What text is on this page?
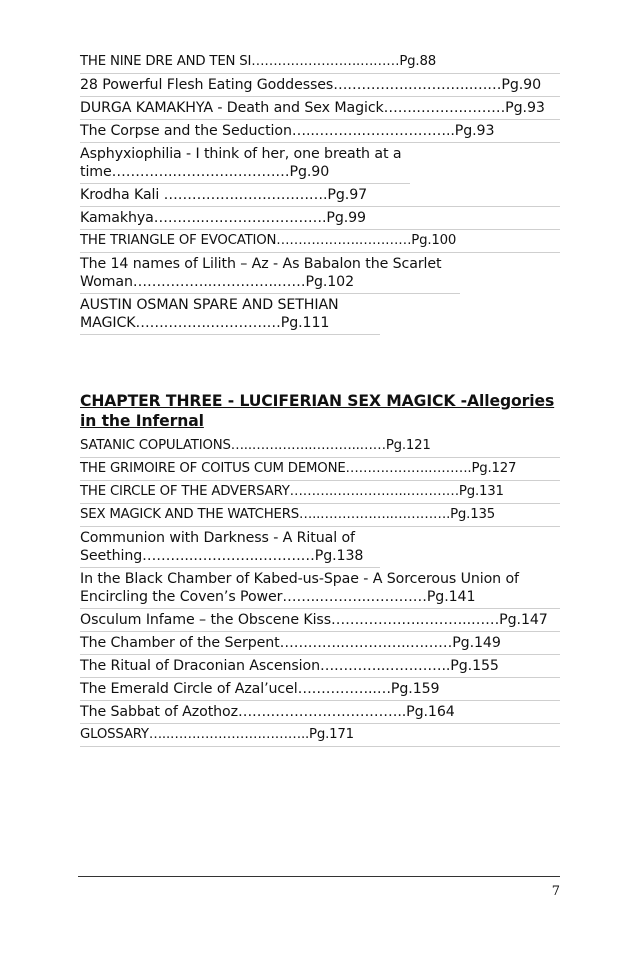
THE NINE DRE AND TEN SI…………………….………Pg.88
28 Powerful Flesh Eating Goddesses…………….…………..……Pg.90
DURGA KAMAKHYA - Death and Sex Magick…….……….………Pg.93
The Corpse and the Seduction…..……….………………..Pg.93
Asphyxiophilia - I think of her, one breath at a time………….………….…………Pg.90
Krodha Kali …………….……………….Pg.97
Kamakhya………..………….………….Pg.99
THE TRIANGLE OF EVOCATION……………….…………Pg.100
The 14 names of Lilith – Az - As Babalon the Scarlet Woman……………..…………..……Pg.102
AUSTIN OSMAN SPARE AND SETHIAN MAGICK…………….……………Pg.111
CHAPTER THREE - LUCIFERIAN SEX MAGICK -Allegories in the Infernal
SATANIC COPULATIONS…..…………..………..……Pg.121
THE GRIMOIRE OF COITUS CUM DEMONE……………….……….Pg.127
THE CIRCLE OF THE ADVERSARY……….……………..…………Pg.131
SEX MAGICK AND THE WATCHERS…..……………..………….Pg.135
Communion with Darkness - A Ritual of Seething………..…………..…………Pg.138
In the Black Chamber of Kabed-us-Spae - A Sorcerous Union of Encircling the Coven’s Power……..………..…………Pg.141
Osculum Infame – the Obscene Kiss……………….………..……Pg.147
The Chamber of the Serpent…………..…………..………Pg.149
The Ritual of Draconian Ascension…………..…………..Pg.155
The Emerald Circle of Azal’ucel……………..…Pg.159
The Sabbat of Azothoz…….………………………..Pg.164
GLOSSARY…..…………………………..Pg.171
7
